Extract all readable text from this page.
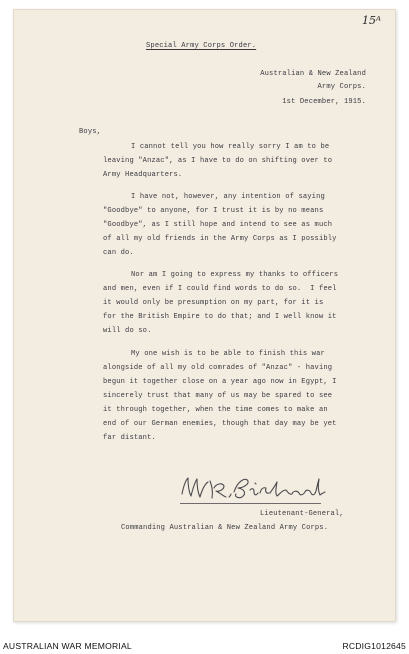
15ᴬ
Special Army Corps Order.
Australian & New Zealand
Army Corps.
1st December, 1915.
Boys,
I cannot tell you how really sorry I am to be
leaving "Anzac", as I have to do on shifting over to
Army Headquarters.
I have not, however, any intention of saying
"Goodbye" to anyone, for I trust it is by no means
"Goodbye", as I still hope and intend to see as much
of all my old friends in the Army Corps as I possibly
can do.
Nor am I going to express my thanks to officers
and men, even if I could find words to do so.  I feel
it would only be presumption on my part, for it is
for the British Empire to do that; and I well know it
will do so.
My one wish is to be able to finish this war
alongside of all my old comrades of "Anzac" - having
begun it together close on a year ago now in Egypt, I
sincerely trust that many of us may be spared to see
it through together, when the time comes to make an
end of our German enemies, though that day may be yet
far distant.
Lieutenant-General,
Commanding Australian & New Zealand Army Corps.
AUSTRALIAN WAR MEMORIAL	RCDIG1012645
